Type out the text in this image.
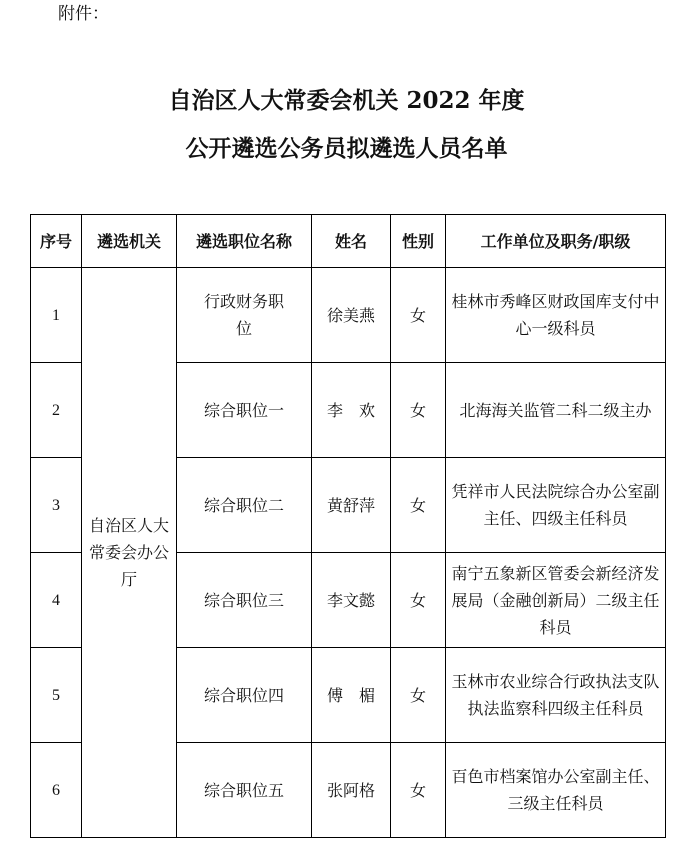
附件：
自治区人大常委会机关 2022 年度
公开遴选公务员拟遴选人员名单
序号	遴选机关	遴选职位名称	姓名	性别	工作单位及职务/职级
1	自治区人大常委会办公厅	行政财务职位	徐美燕	女	桂林市秀峰区财政国库支付中心一级科员
2		综合职位一	李　欢	女	北海海关监管二科二级主办
3		综合职位二	黄舒萍	女	凭祥市人民法院综合办公室副主任、四级主任科员
4		综合职位三	李文懿	女	南宁五象新区管委会新经济发展局（金融创新局）二级主任科员
5		综合职位四	傅　楣	女	玉林市农业综合行政执法支队执法监察科四级主任科员
6		综合职位五	张阿格	女	百色市档案馆办公室副主任、三级主任科员
